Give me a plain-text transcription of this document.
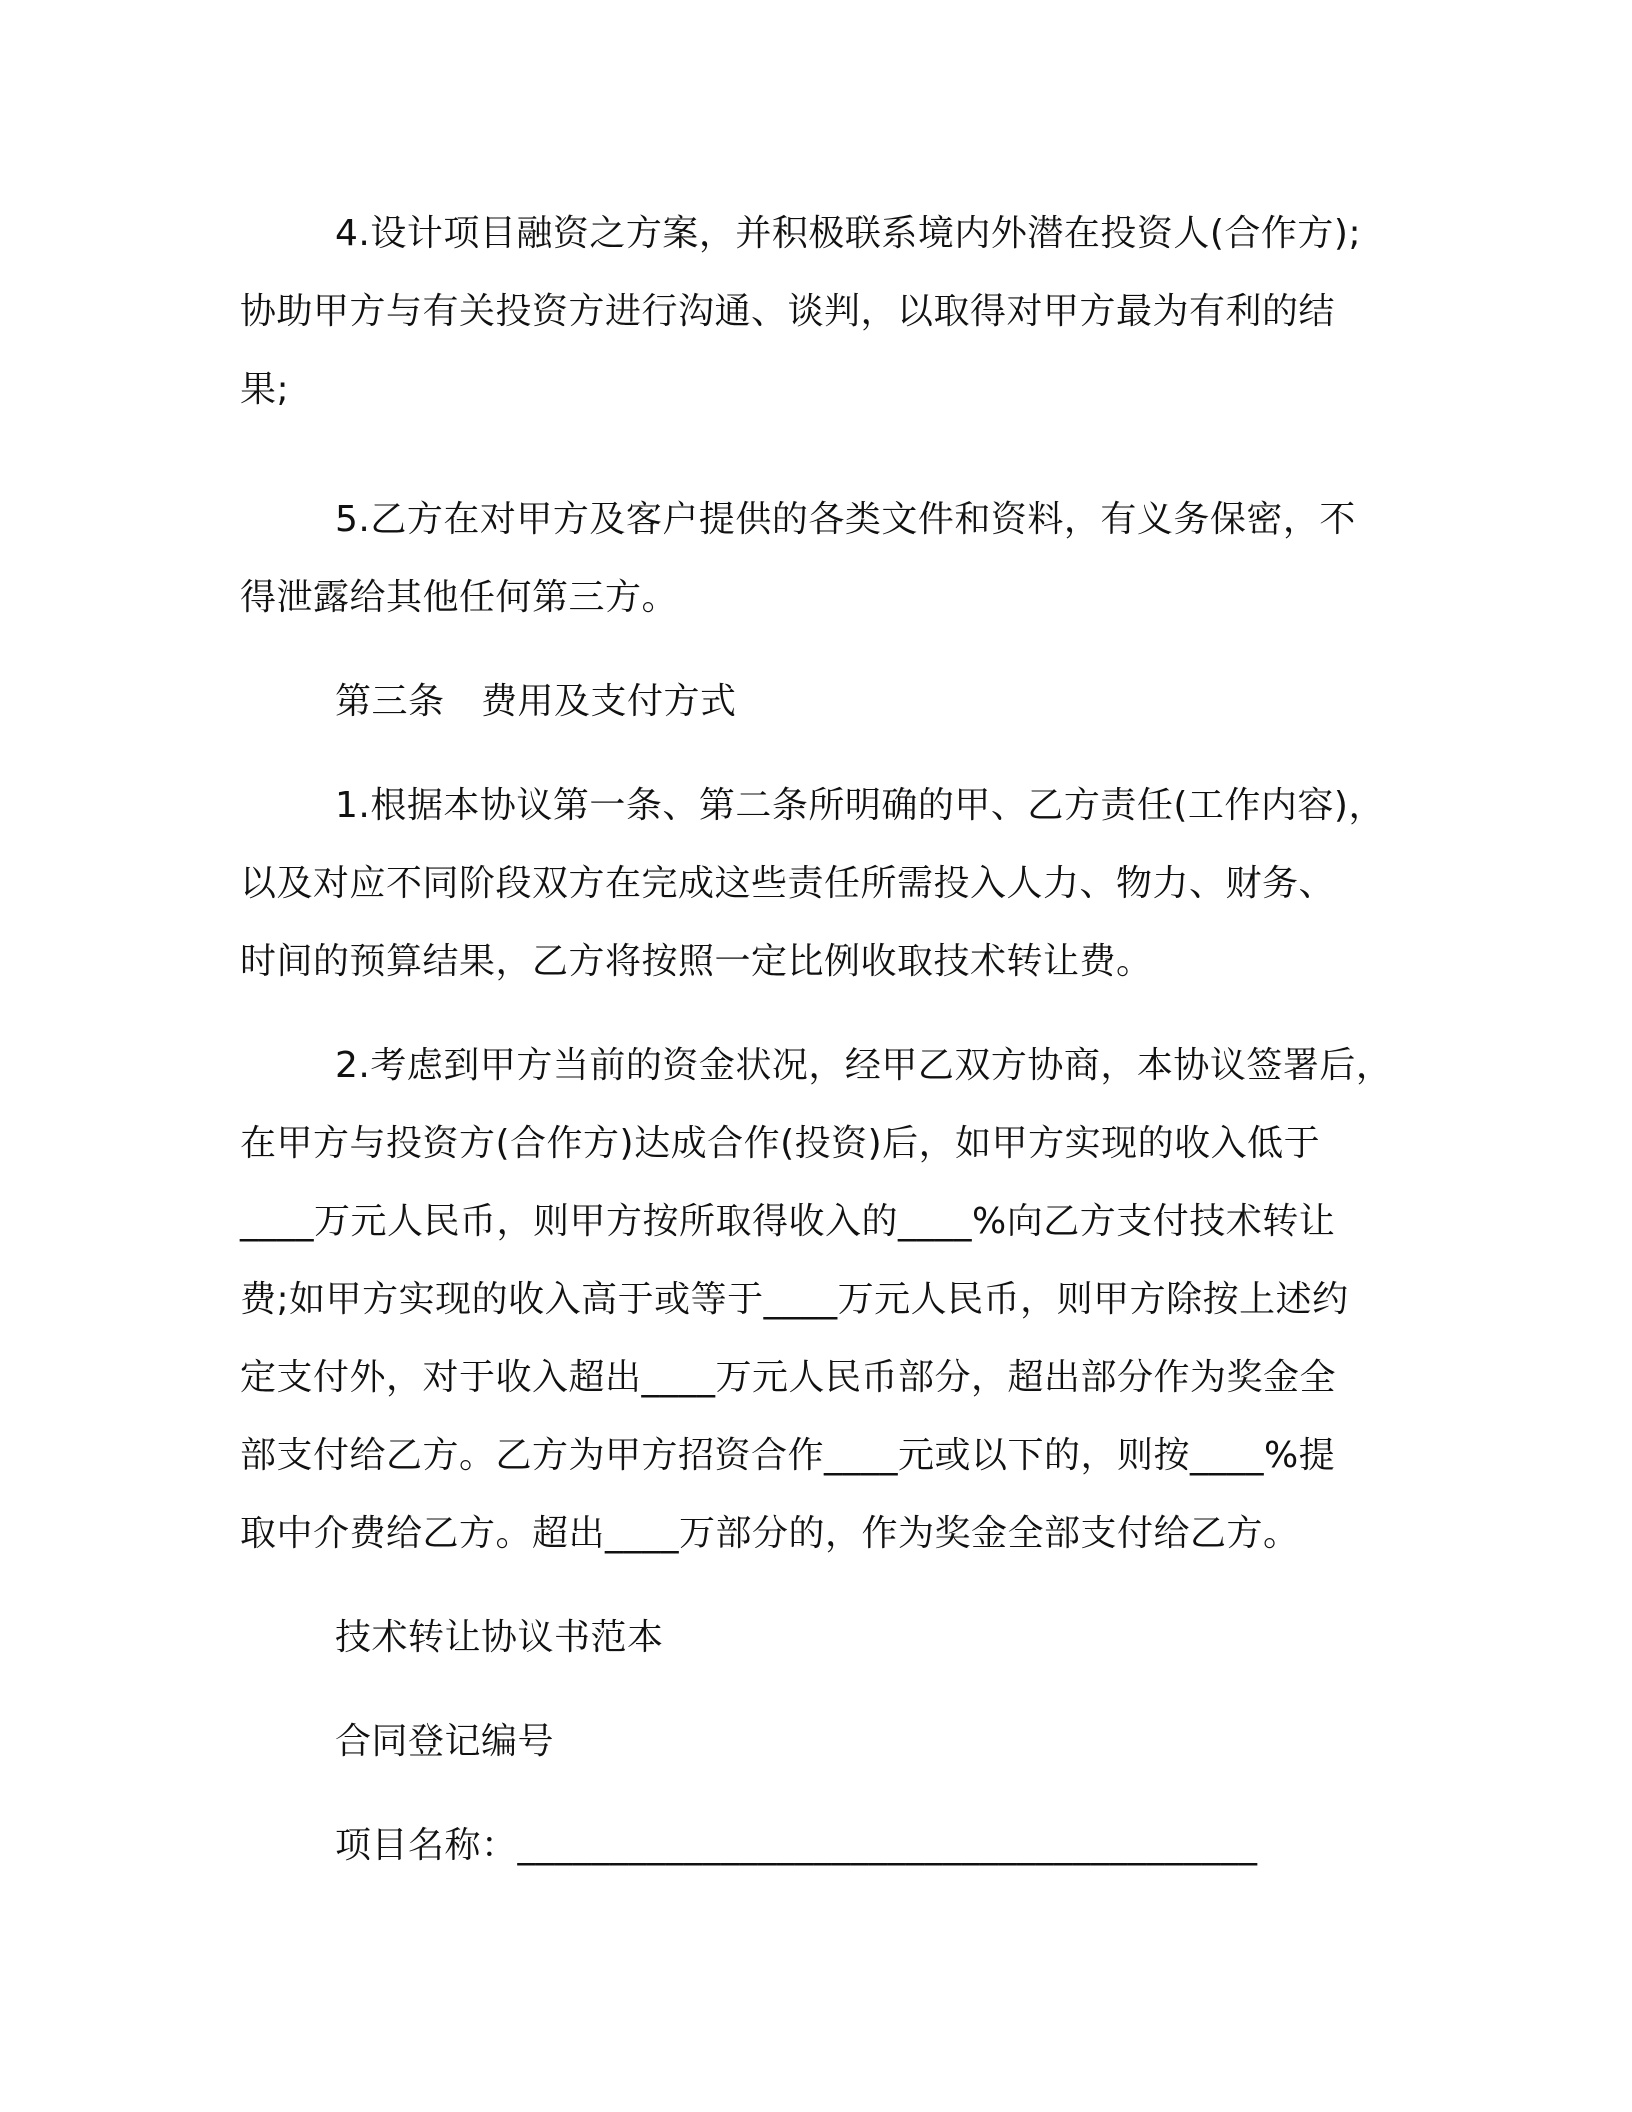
4.设计项目融资之方案，并积极联系境内外潜在投资人(合作方);
协助甲方与有关投资方进行沟通、谈判，以取得对甲方最为有利的结
果;
5.乙方在对甲方及客户提供的各类文件和资料，有义务保密，不
得泄露给其他任何第三方。
第三条　费用及支付方式
1.根据本协议第一条、第二条所明确的甲、乙方责任(工作内容)，
以及对应不同阶段双方在完成这些责任所需投入人力、物力、财务、
时间的预算结果，乙方将按照一定比例收取技术转让费。
2.考虑到甲方当前的资金状况，经甲乙双方协商，本协议签署后，
在甲方与投资方(合作方)达成合作(投资)后，如甲方实现的收入低于
____万元人民币，则甲方按所取得收入的____%向乙方支付技术转让
费;如甲方实现的收入高于或等于____万元人民币，则甲方除按上述约
定支付外，对于收入超出____万元人民币部分，超出部分作为奖金全
部支付给乙方。乙方为甲方招资合作____元或以下的，则按____%提
取中介费给乙方。超出____万部分的，作为奖金全部支付给乙方。
技术转让协议书范本
合同登记编号
项目名称：________________________________________
